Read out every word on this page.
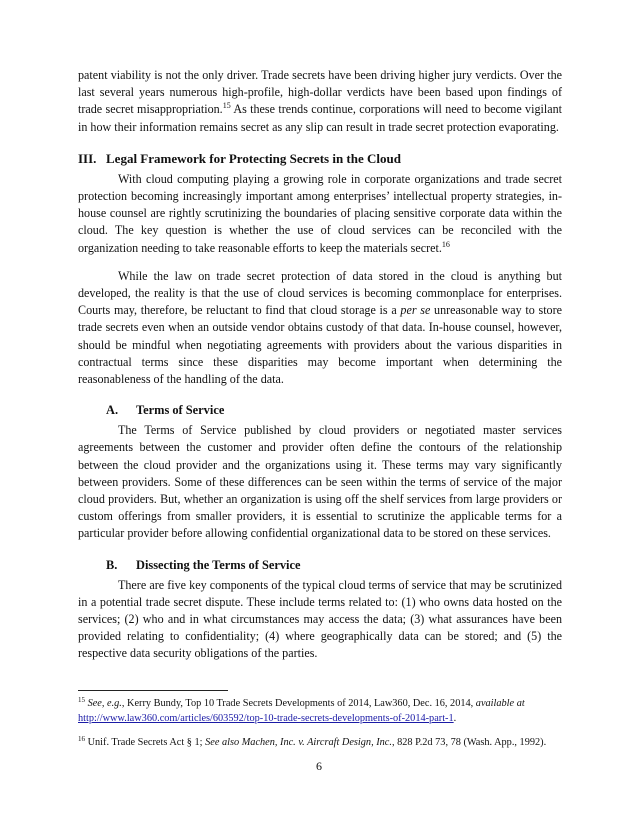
patent viability is not the only driver. Trade secrets have been driving higher jury verdicts. Over the last several years numerous high-profile, high-dollar verdicts have been based upon findings of trade secret misappropriation.$^{15}$ As these trends continue, corporations will need to become vigilant in how their information remains secret as any slip can result in trade secret protection evaporating.

III. Legal Framework for Protecting Secrets in the Cloud

With cloud computing playing a growing role in corporate organizations and trade secret protection becoming increasingly important among enterprises’ intellectual property strategies, in-house counsel are rightly scrutinizing the boundaries of placing sensitive corporate data within the cloud. The key question is whether the use of cloud services can be reconciled with the organization needing to take reasonable efforts to keep the materials secret.$^{16}$

While the law on trade secret protection of data stored in the cloud is anything but developed, the reality is that the use of cloud services is becoming commonplace for enterprises. Courts may, therefore, be reluctant to find that cloud storage is a per se unreasonable way to store trade secrets even when an outside vendor obtains custody of that data. In-house counsel, however, should be mindful when negotiating agreements with providers about the various disparities in contractual terms since these disparities may become important when determining the reasonableness of the handling of the data.

A. Terms of Service

The Terms of Service published by cloud providers or negotiated master services agreements between the customer and provider often define the contours of the relationship between the cloud provider and the organizations using it. These terms may vary significantly between providers. Some of these differences can be seen within the terms of service of the major cloud providers. But, whether an organization is using off the shelf services from large providers or custom offerings from smaller providers, it is essential to scrutinize the applicable terms for a particular provider before allowing confidential organizational data to be stored on these services.

B. Dissecting the Terms of Service

There are five key components of the typical cloud terms of service that may be scrutinized in a potential trade secret dispute. These include terms related to: (1) who owns data hosted on the services; (2) who and in what circumstances may access the data; (3) what assurances have been provided relating to confidentiality; (4) where geographically data can be stored; and (5) the respective data security obligations of the parties.

$^{15}$ See, e.g., Kerry Bundy, Top 10 Trade Secrets Developments of 2014, Law360, Dec. 16, 2014, available at
http://www.law360.com/articles/603592/top-10-trade-secrets-developments-of-2014-part-1.

$^{16}$ Unif. Trade Secrets Act § 1; See also Machen, Inc. v. Aircraft Design, Inc., 828 P.2d 73, 78 (Wash. App., 1992).

6
